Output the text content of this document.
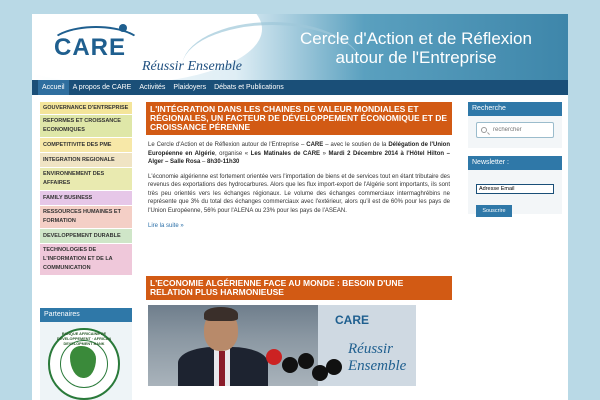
CARE
Réussir Ensemble
Cercle d'Action et de Réflexion
autour de l'Entreprise
Accueil	A propos de CARE	Activités	Plaidoyers	Débats et Publications
Partenaires
GOUVERNANCE D'ENTREPRISE
REFORMES ET CROISSANCE ECONOMIQUES
COMPETITIVITE DES PME
INTEGRATION REGIONALE
ENVIRONNEMENT DES AFFAIRES
FAMILY BUSINESS
RESSOURCES HUMAINES ET FORMATION
DEVELOPPEMENT DURABLE
TECHNOLOGIES DE L'INFORMATION ET DE LA COMMUNICATION
BANQUE AFRICAINE DE DEVELOPPEMENT · AFRICAN DEVELOPMENT BANK
L'INTÉGRATION DANS LES CHAINES DE VALEUR MONDIALES ET RÉGIONALES, UN FACTEUR DE DÉVELOPPEMENT ÉCONOMIQUE ET DE CROISSANCE PÉRENNE
Le Cercle d'Action et de Réflexion autour de l'Entreprise – CARE – avec le soutien de la Délégation de l'Union Européenne en Algérie, organise « Les Matinales de CARE » Mardi 2 Décembre 2014 à l'Hôtel Hilton – Alger – Salle Rosa – 8h30-11h30
L'économie algérienne est fortement orientée vers l'importation de biens et de services tout en étant tributaire des revenus des exportations des hydrocarbures. Alors que les flux import-export de l'Algérie sont importants, ils sont très peu orientés vers les échanges régionaux. Le volume des échanges commerciaux intermaghrébins ne représente que 3% du total des échanges commerciaux avec l'extérieur, alors qu'il est de 60% pour les pays de l'Union Européenne, 56% pour l'ALENA ou 23% pour les pays de l'ASEAN.
Lire la suite »
L'ECONOMIE ALGÉRIENNE FACE AU MONDE : BESOIN D'UNE RELATION PLUS HARMONIEUSE
CARE
Réussir Ensemble
Recherche
Newsletter :
rechercher
Adresse Email
Souscrire
